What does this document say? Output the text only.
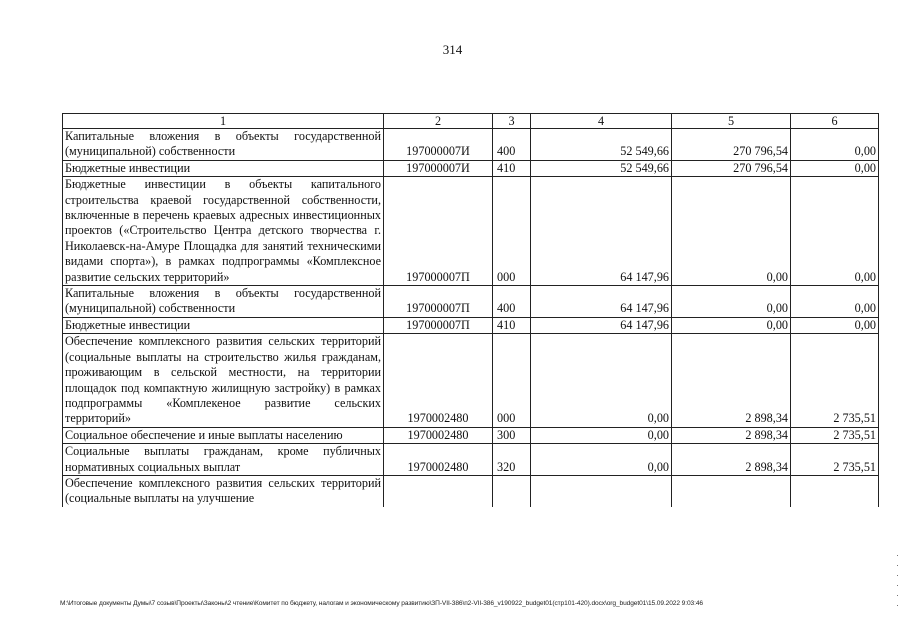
314
1	2	3	4	5	6
Капитальные вложения в объекты государственной (муниципальной) собственности	197000007И	400	52 549,66	270 796,54	0,00
Бюджетные инвестиции	197000007И	410	52 549,66	270 796,54	0,00
Бюджетные инвестиции в объекты капитального строительства краевой государственной собственности, включенные в перечень краевых адресных инвестиционных проектов («Строительство Центра детского творчества г. Николаевск-на-Амуре Площадка для занятий техническими видами спорта»), в рамках подпрограммы «Комплексное развитие сельских территорий»	197000007П	000	64 147,96	0,00	0,00
Капитальные вложения в объекты государственной (муниципальной) собственности	197000007П	400	64 147,96	0,00	0,00
Бюджетные инвестиции	197000007П	410	64 147,96	0,00	0,00
Обеспечение комплексного развития сельских территорий (социальные выплаты на строительство жилья гражданам, проживающим в сельской местности, на территории площадок под компактную жилищную застройку) в рамках подпрограммы «Комплекеное развитие сельских территорий»	1970002480	000	0,00	2 898,34	2 735,51
Социальное обеспечение и иные выплаты населению	1970002480	300	0,00	2 898,34	2 735,51
Социальные выплаты гражданам, кроме публичных нормативных социальных выплат	1970002480	320	0,00	2 898,34	2 735,51
Обеспечение комплексного развития сельских территорий (социальные выплаты на улучшение					
М:\Итоговые документы Думы\7 созыв\Проекты\Законы\2 чтение\Комитет по бюджету, налогам и экономическому развитию\ЗП-VII-386\п2-VII-386_v190922_budget01(стр101-420).docx\org_budget01\15.09.2022 9:03:46
